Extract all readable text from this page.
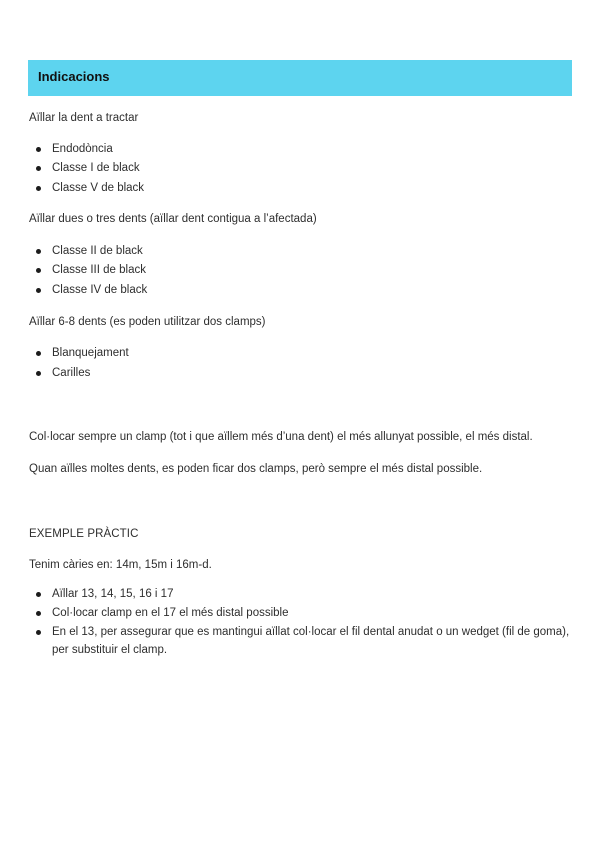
Indicacions
Aïllar la dent a tractar
Endodòncia
Classe I de black
Classe V de black
Aïllar dues o tres dents (aïllar dent contigua a l’afectada)
Classe II de black
Classe III de black
Classe IV de black
Aïllar 6-8 dents (es poden utilitzar dos clamps)
Blanquejament
Carilles
Col·locar sempre un clamp (tot i que aïllem més d’una dent) el més allunyat possible, el més distal.
Quan aïlles moltes dents, es poden ficar dos clamps, però sempre el més distal possible.
EXEMPLE PRÀCTIC
Tenim càries en: 14m, 15m i 16m-d.
Aïllar 13, 14, 15, 16 i 17
Col·locar clamp en el 17 el més distal possible
En el 13, per assegurar que es mantingui aïllat col·locar el fil dental anudat o un wedget (fil de goma), per substituir el clamp.
